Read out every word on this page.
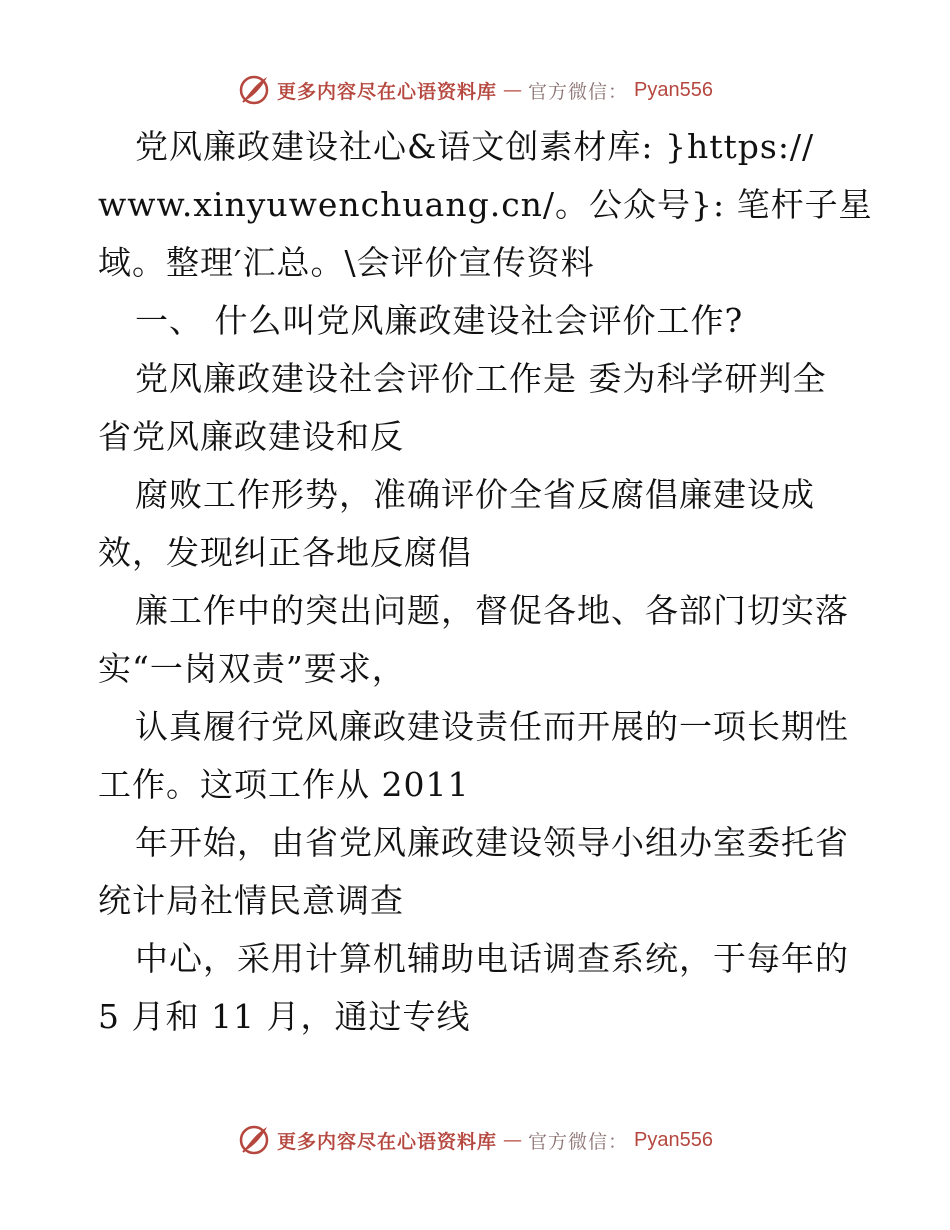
更多内容尽在心语资料库 — 官方微信： Pyan556
党风廉政建设社心&语文创素材库: }https://
www.xinyuwenchuang.cn/。公众号}: 笔杆子星
域。整理′汇总。\会评价宣传资料
一、 什么叫党风廉政建设社会评价工作?
党风廉政建设社会评价工作是 委为科学研判全
省党风廉政建设和反
腐败工作形势，准确评价全省反腐倡廉建设成
效，发现纠正各地反腐倡
廉工作中的突出问题，督促各地、各部门切实落
实“一岗双责”要求，
认真履行党风廉政建设责任而开展的一项长期性
工作。这项工作从 2011
年开始，由省党风廉政建设领导小组办室委托省
统计局社情民意调查
中心，采用计算机辅助电话调查系统，于每年的
5 月和 11 月，通过专线
更多内容尽在心语资料库 — 官方微信： Pyan556
